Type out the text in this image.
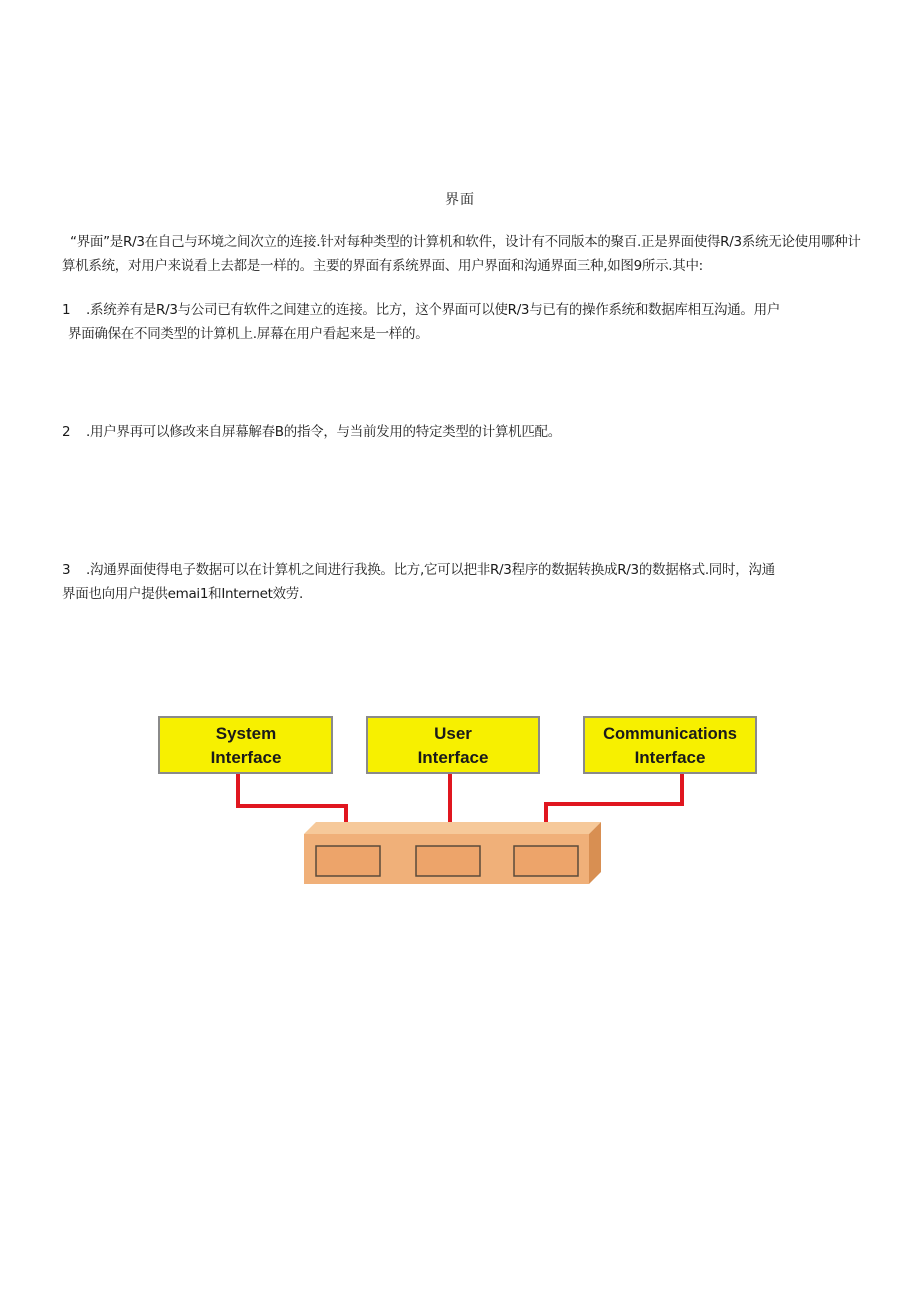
界面
“界面”是R/3在自己与环境之间次立的连接.针对每种类型的计算机和软件，设计有不同版本的聚百.正是界面使得R/3系统无论使用哪种计算机系统，对用户来说看上去都是一样的。主要的界面有系统界面、用户界面和沟通界面三种,如图9所示.其中:
1	.系统养有是R/3与公司已有软件之间建立的连接。比方，这个界面可以使R/3与已有的操作系统和数据库相互沟通。用户
界面确保在不同类型的计算机上.屏幕在用户看起来是一样的。
2	.用户界再可以修改来自屏幕解春B的指令，与当前发用的特定类型的计算机匹配。
3	.沟通界面使得电子数据可以在计算机之间进行我换。比方,它可以把非R/3程序的数据转换成R/3的数据格式.同时，沟通
界面也向用户提供emai1和Internet效劳.
System
Interface
User
Interface
Communications
Interface
